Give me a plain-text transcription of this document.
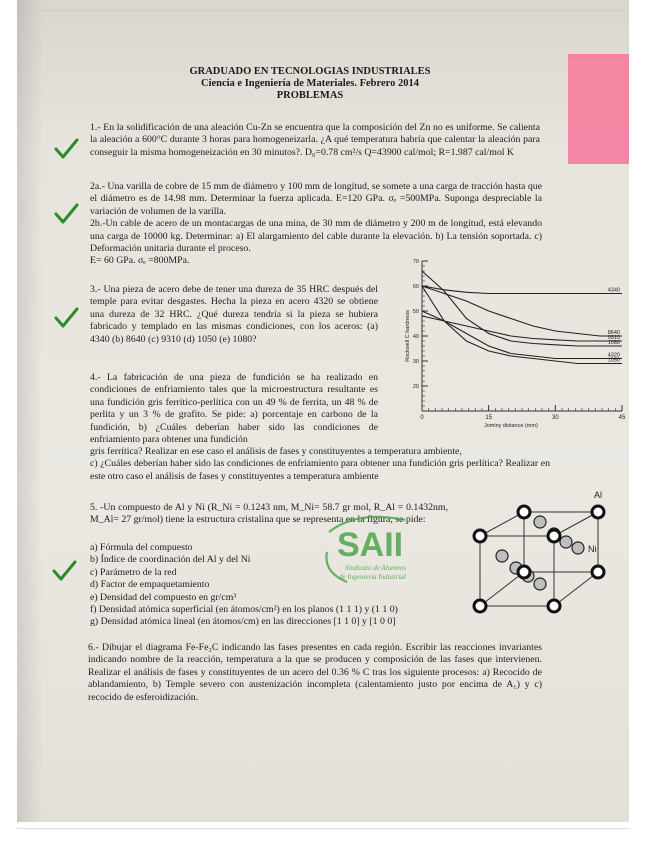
GRADUADO EN TECNOLOGIAS INDUSTRIALES
Ciencia e Ingeniería de Materiales. Febrero 2014
PROBLEMAS

1.- En la solidificación de una aleación Cu-Zn se encuentra que la composición del Zn no es uniforme. Se calienta la aleación a 600°C durante 3 horas para homogeneizarla. ¿A qué temperatura habría que calentar la aleación para conseguir la misma homogeneización en 30 minutos?. D₀=0.78 cm²/s Q=43900 cal/mol; R=1.987 cal/mol K

2a.- Una varilla de cobre de 15 mm de diámetro y 100 mm de longitud, se somete a una carga de tracción hasta que el diámetro es de 14.98 mm. Determinar la fuerza aplicada. E=120 GPa. σₑ =500MPa. Suponga despreciable la variación de volumen de la varilla.

2b.-Un cable de acero de un montacargas de una mina, de 30 mm de diámetro y 200 m de longitud, está elevando una carga de 10000 kg. Determinar: a) El alargamiento del cable durante la elevación. b) La tensión soportada. c) Deformación unitaria durante el proceso.

E= 60 GPa. σₑ =800MPa.

3.- Una pieza de acero debe de tener una dureza de 35 HRC después del temple para evitar desgastes. Hecha la pieza en acero 4320 se obtiene una dureza de 32 HRC. ¿Qué dureza tendría si la pieza se hubiera fabricado y templado en las mismas condiciones, con los aceros: (a) 4340 (b) 8640 (c) 9310 (d) 1050 (e) 1080?

4.- La fabricación de una pieza de fundición se ha realizado en condiciones de enfriamiento tales que la microestructura resultante es una fundición gris ferrítico-perlítica con un 49 % de ferrita, un 48 % de perlita y un 3 % de grafito. Se pide: a) porcentaje en carbono de la fundición, b) ¿Cuáles deberían haber sido las condiciones de enfriamiento para obtener una fundición

gris ferrítica? Realizar en ese caso el análisis de fases y constituyentes a temperatura ambiente,

c) ¿Cuáles deberían haber sido las condiciones de enfriamiento para obtener una fundición gris perlítica? Realizar en este otro caso el análisis de fases y constituyentes a temperatura ambiente

0	15	30	45
20
30
40
50
60
70
Jominy distance (mm)
Rockwell C hardness
4340
8640
9310
1080
4320
1050

5. -Un compuesto de Al y Ni (R_Ni = 0.1243 nm, M_Ni= 58.7 gr mol, R_Al = 0.1432nm, M_Al= 27 gr/mol) tiene la estructura cristalina que se representa en la figura, se pide:

a) Fórmula del compuesto

b) Índice de coordinación del Al y del Ni

c) Parámetro de la red

d) Factor de empaquetamiento

e) Densidad del compuesto en gr/cm³

f) Densidad atómica superficial (en átomos/cm²) en los planos (1 1 1) y (1 1 0)

g) Densidad atómica lineal (en átomos/cm) en las direcciones [1 1 0] y [1 0 0]

SAII
Sindicato de Alumnos
de Ingeniería Industrial
Al
Ni

6.- Dibujar el diagrama Fe-Fe₃C indicando las fases presentes en cada región. Escribir las reacciones invariantes indicando nombre de la reacción, temperatura a la que se producen y composición de las fases que intervienen. Realizar el análisis de fases y constituyentes de un acero del 0.36 % C tras los siguiente procesos: a) Recocido de ablandamiento, b) Temple severo con austenización incompleta (calentamiento justo por encima de A₁) y c) recocido de esferoidización.
